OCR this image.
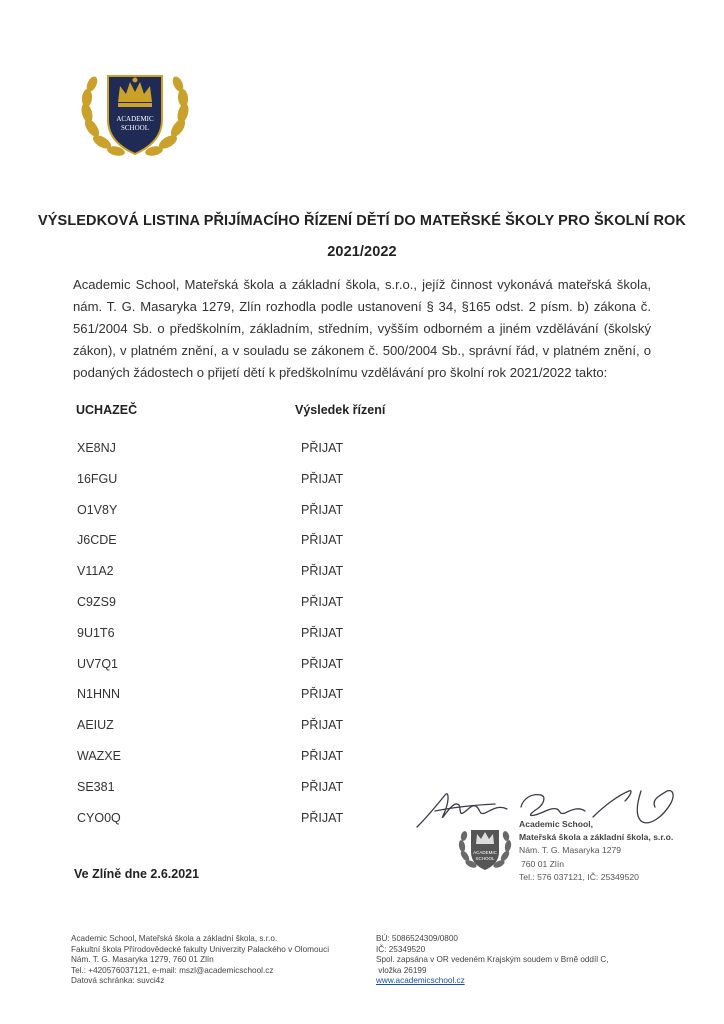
ACADEMIC
SCHOOL
VÝSLEDKOVÁ LISTINA PŘIJÍMACÍHO ŘÍZENÍ DĚTÍ DO MATEŘSKÉ ŠKOLY PRO ŠKOLNÍ ROK
2021/2022

Academic School, Mateřská škola a základní škola, s.r.o., jejíž činnost vykonává mateřská škola, nám. T. G. Masaryka 1279, Zlín rozhodla podle ustanovení § 34, §165 odst. 2 písm. b) zákona č. 561/2004 Sb. o předškolním, základním, středním, vyšším odborném a jiném vzdělávání (školský zákon), v platném znění, a v souladu se zákonem č. 500/2004 Sb., správní řád, v platném znění, o podaných žádostech o přijetí dětí k předškolnímu vzdělávání pro školní rok 2021/2022 takto:

UCHAZEČ	Výsledek řízení
XE8NJ	PŘIJAT
16FGU	PŘIJAT
O1V8Y	PŘIJAT
J6CDE	PŘIJAT
V11A2	PŘIJAT
C9ZS9	PŘIJAT
9U1T6	PŘIJAT
UV7Q1	PŘIJAT
N1HNN	PŘIJAT
AEIUZ	PŘIJAT
WAZXE	PŘIJAT
SE381	PŘIJAT
CYO0Q	PŘIJAT
Ve Zlíně dne 2.6.2021
ACADEMIC
SCHOOL
Academic School,
Mateřská škola a základní škola, s.r.o.
Nám. T. G. Masaryka 1279
760 01 Zlín
Tel.: 576 037121, IČ: 25349520
Academic School, Mateřská škola a základní škola, s.r.o.
Fakultní škola Přírodovědecké fakulty Univerzity Palackého v Olomouci
Nám. T. G. Masaryka 1279, 760 01 Zlín
Tel.: +420576037121, e-mail: mszl@academicschool.cz
Datová schránka: suvci4z
BÚ: 5086524309/0800
IČ: 25349520
Spol. zapsána v OR vedeném Krajským soudem v Brně oddíl C,
vložka 26199
www.academicschool.cz
